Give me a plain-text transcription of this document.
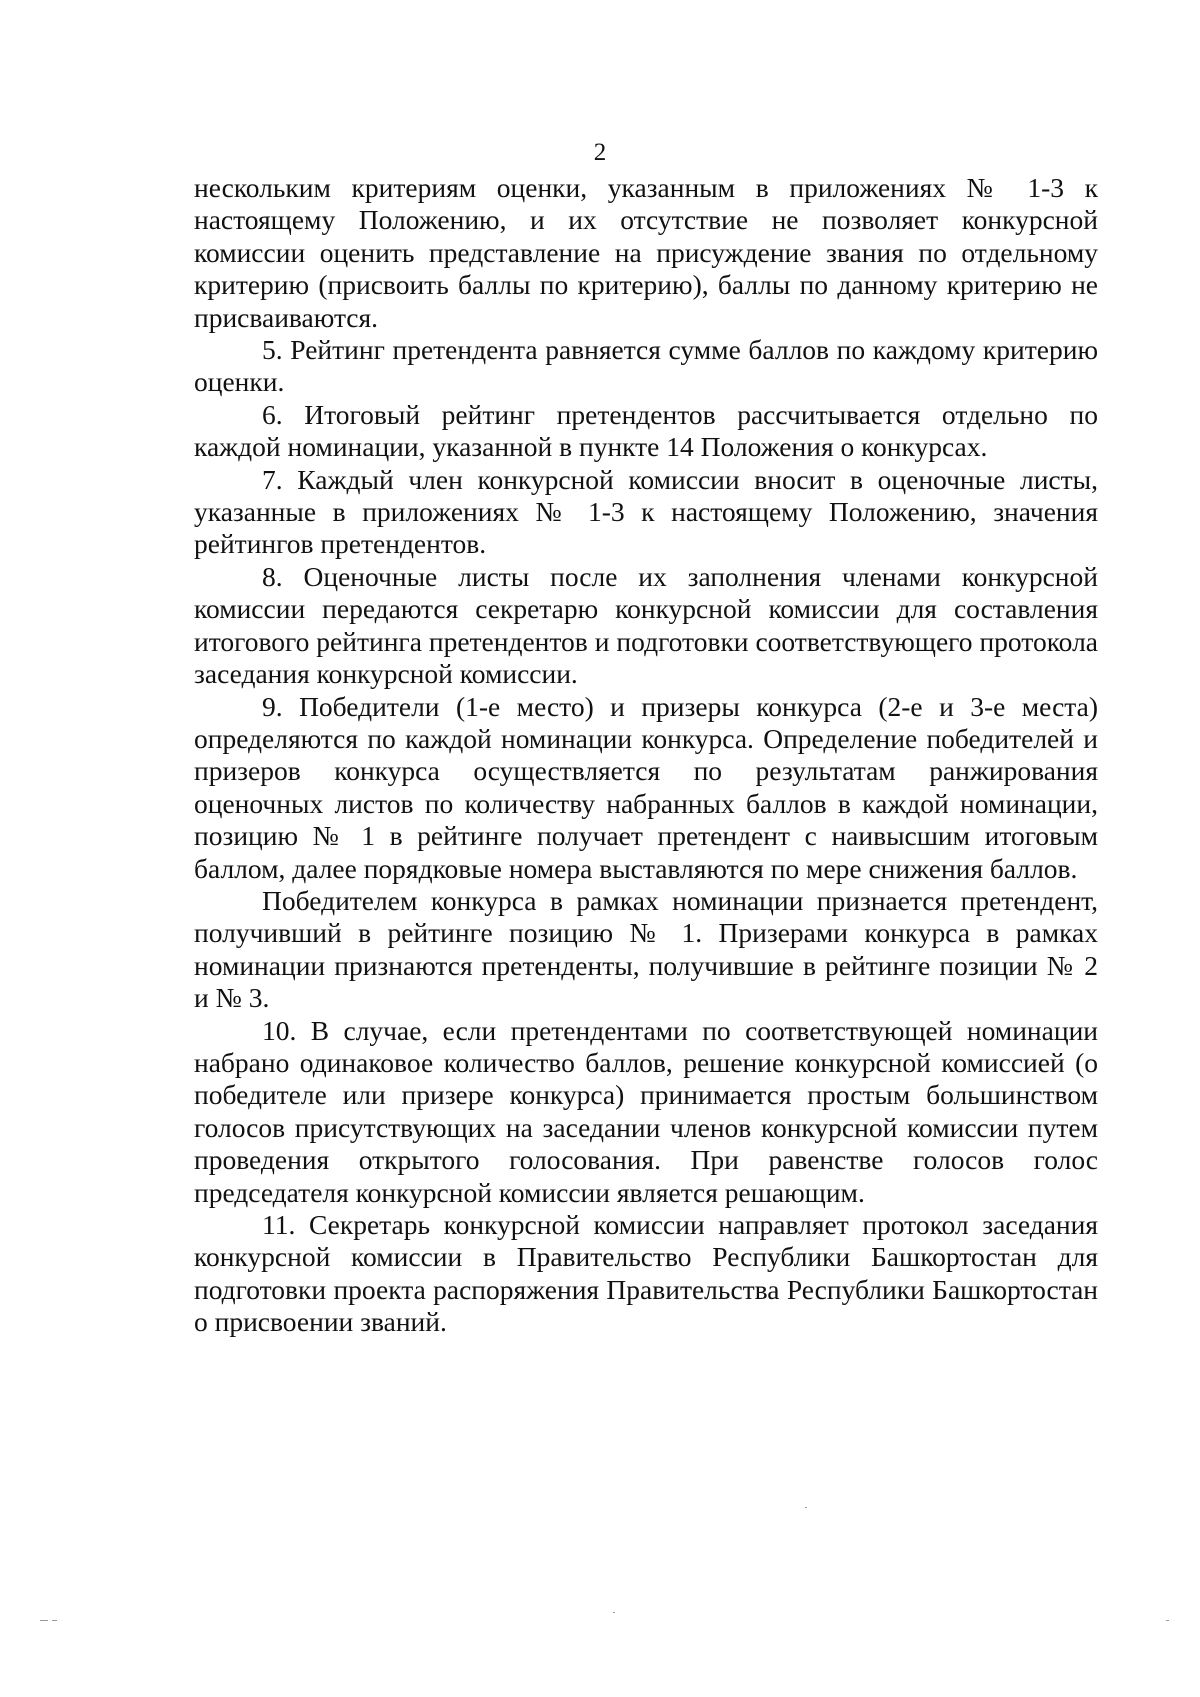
2

нескольким критериям оценки, указанным в приложениях № 1-3 к настоящему Положению, и их отсутствие не позволяет конкурсной комиссии оценить представление на присуждение звания по отдельному критерию (присвоить баллы по критерию), баллы по данному критерию не присваиваются.

5. Рейтинг претендента равняется сумме баллов по каждому критерию оценки.

6. Итоговый рейтинг претендентов рассчитывается отдельно по каждой номинации, указанной в пункте 14 Положения о конкурсах.

7. Каждый член конкурсной комиссии вносит в оценочные листы, указанные в приложениях № 1-3 к настоящему Положению, значения рейтингов претендентов.

8. Оценочные листы после их заполнения членами конкурсной комиссии передаются секретарю конкурсной комиссии для составления итогового рейтинга претендентов и подготовки соответствующего протокола заседания конкурсной комиссии.

9. Победители (1-е место) и призеры конкурса (2-е и 3-е места) определяются по каждой номинации конкурса. Определение победителей и призеров конкурса осуществляется по результатам ранжирования оценочных листов по количеству набранных баллов в каждой номинации, позицию № 1 в рейтинге получает претендент с наивысшим итоговым баллом, далее порядковые номера выставляются по мере снижения баллов.

Победителем конкурса в рамках номинации признается претендент, получивший в рейтинге позицию № 1. Призерами конкурса в рамках номинации признаются претенденты, получившие в рейтинге позиции № 2 и № 3.

10. В случае, если претендентами по соответствующей номинации набрано одинаковое количество баллов, решение конкурсной комиссией (о победителе или призере конкурса) принимается простым большинством голосов присутствующих на заседании членов конкурсной комиссии путем проведения открытого голосования. При равенстве голосов голос председателя конкурсной комиссии является решающим.

11. Секретарь конкурсной комиссии направляет протокол заседания конкурсной комиссии в Правительство Республики Башкортостан для подготовки проекта распоряжения Правительства Республики Башкортостан о присвоении званий.
